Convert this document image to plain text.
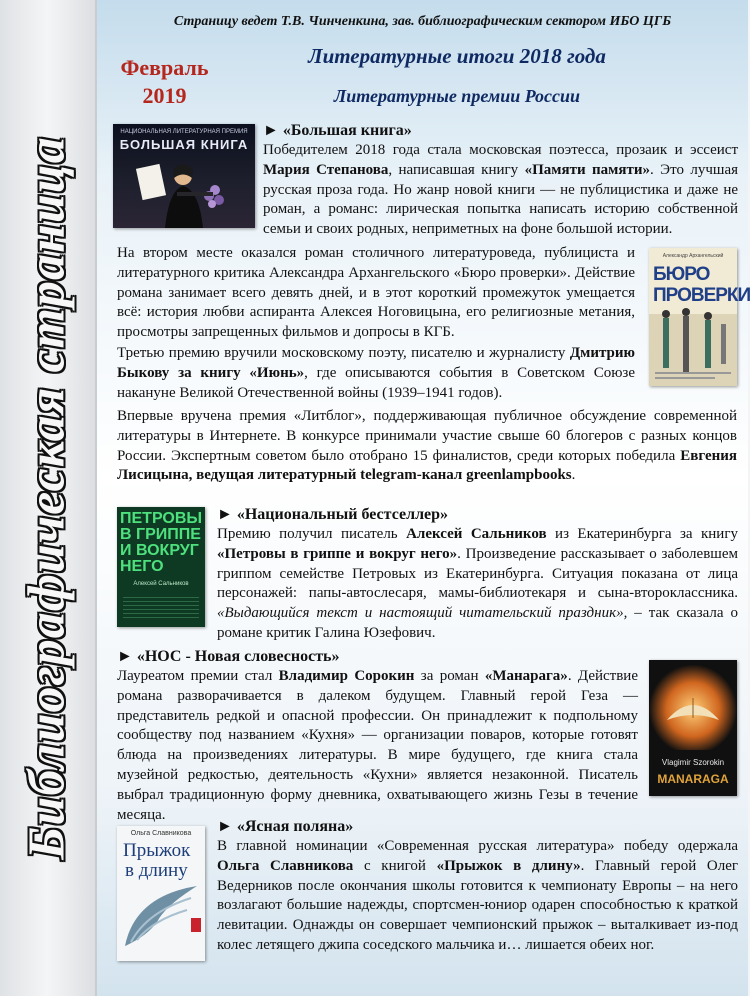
Библиографическая страница
Страницу ведет Т.В. Чинченкина, зав. библиографическим сектором ИБО ЦГБ
Февраль
2019
Литературные итоги 2018 года
Литературные премии России
НАЦИОНАЛЬНАЯ ЛИТЕРАТУРНАЯ ПРЕМИЯ
БОЛЬШАЯ КНИГА
► «Большая книга»

Победителем 2018 года стала московская поэтесса, прозаик и эссеист Мария Степанова, написавшая книгу «Памяти памяти». Это лучшая русская проза года. Но жанр новой книги — не публицистика и даже не роман, а романс: лирическая попытка написать историю собственной семьи и своих родных, неприметных на фоне большой истории.

На втором месте оказался роман столичного литературоведа, публициста и литературного критика Александра Архангельского «Бюро проверки». Действие романа занимает всего девять дней, и в этот короткий промежуток умещается всё: история любви аспиранта Алексея Ноговицына, его религиозные метания, просмотры запрещенных фильмов и допросы в КГБ.

Александр Архангельский
БЮРО
ПРОВЕРКИ

Третью премию вручили московскому поэту, писателю и журналисту Дмитрию Быкову за книгу «Июнь», где описываются события в Советском Союзе накануне Великой Отечественной войны (1939–1941 годов).

Впервые вручена премия «Литблог», поддерживающая публичное обсуждение современной литературы в Интернете. В конкурсе принимали участие свыше 60 блогеров с разных концов России. Экспертным советом было отобрано 15 финалистов, среди которых победила Евгения Лисицына, ведущая литературный telegram-канал greenlampbooks.

ПЕТРОВЫ
В ГРИППЕ
И ВОКРУГ
НЕГО
Алексей Сальников
► «Национальный бестселлер»

Премию получил писатель Алексей Сальников из Екатеринбурга за книгу «Петровы в гриппе и вокруг него». Произведение рассказывает о заболевшем гриппом семействе Петровых из Екатеринбурга. Ситуация показана от лица персонажей: папы-автослесаря, мамы-библиотекаря и сына-второклассника. «Выдающийся текст и настоящий читательский праздник», – так сказала о романе критик Галина Юзефович.

► «НОС - Новая словесность»

Лауреатом премии стал Владимир Сорокин за роман «Манарага». Действие романа разворачивается в далеком будущем. Главный герой Геза — представитель редкой и опасной профессии. Он принадлежит к подпольному сообществу под названием «Кухня» — организации поваров, которые готовят блюда на произведениях литературы. В мире будущего, где книга стала музейной редкостью, деятельность «Кухни» является незаконной. Писатель выбрал традиционную форму дневника, охватывающего жизнь Гезы в течение месяца.

Vlagimir Szorokin
MANARAGA
Ольга Славникова
Прыжок
в длину
► «Ясная поляна»

В главной номинации «Современная русская литература» победу одержала Ольга Славникова с книгой «Прыжок в длину». Главный герой Олег Ведерников после окончания школы готовится к чемпионату Европы – на него возлагают большие надежды, спортсмен-юниор одарен способностью к краткой левитации. Однажды он совершает чемпионский прыжок – выталкивает из-под колес летящего джипа соседского мальчика и… лишается обеих ног.
